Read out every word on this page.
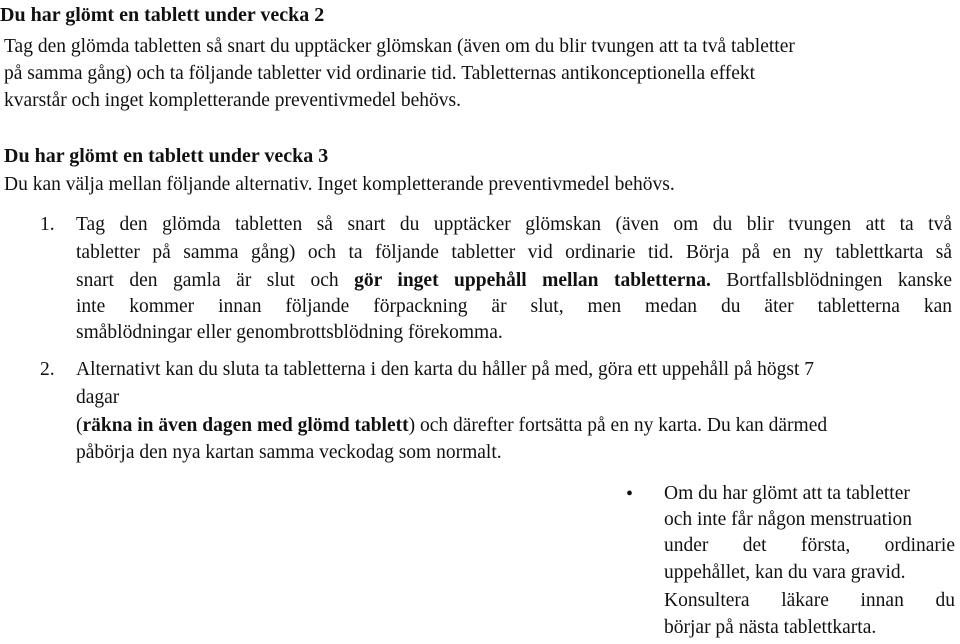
Du har glömt en tablett under vecka 2
Tag den glömda tabletten så snart du upptäcker glömskan (även om du blir tvungen att ta två tabletter
på samma gång) och ta följande tabletter vid ordinarie tid. Tabletternas antikonceptionella effekt
kvarstår och inget kompletterande preventivmedel behövs.
Du har glömt en tablett under vecka 3
Du kan välja mellan följande alternativ. Inget kompletterande preventivmedel behövs.
1. Tag den glömda tabletten så snart du upptäcker glömskan (även om du blir tvungen att ta två
tabletter på samma gång) och ta följande tabletter vid ordinarie tid. Börja på en ny tablettkarta så
snart den gamla är slut och gör inget uppehåll mellan tabletterna. Bortfallsblödningen kanske
inte kommer innan följande förpackning är slut, men medan du äter tabletterna kan
småblödningar eller genombrottsblödning förekomma.
2. Alternativt kan du sluta ta tabletterna i den karta du håller på med, göra ett uppehåll på högst 7
dagar
(räkna in även dagen med glömd tablett) och därefter fortsätta på en ny karta. Du kan därmed
påbörja den nya kartan samma veckodag som normalt.
• Om du har glömt att ta tabletter
och inte får någon menstruation
under det första, ordinarie
uppehållet, kan du vara gravid.
Konsultera läkare innan du
börjar på nästa tablettkarta.
